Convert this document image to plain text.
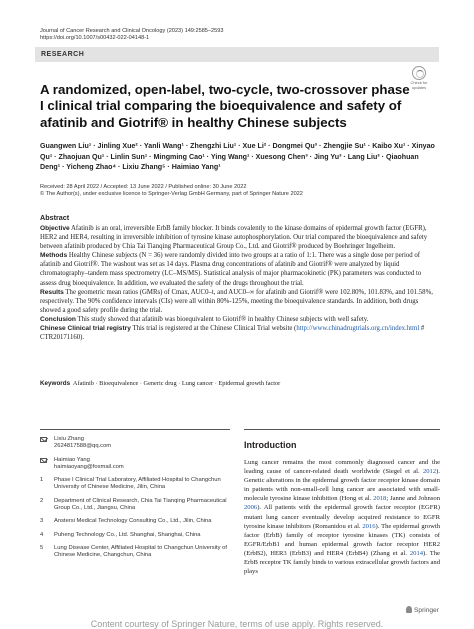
Journal of Cancer Research and Clinical Oncology (2023) 149:2585–2593
https://doi.org/10.1007/s00432-022-04148-1
RESEARCH
Check for updates
A randomized, open-label, two-cycle, two-crossover phase I clinical trial comparing the bioequivalence and safety of afatinib and Giotrif® in healthy Chinese subjects
Guangwen Liu¹ · Jinling Xue² · Yanli Wang¹ · Zhengzhi Liu¹ · Xue Li² · Dongmei Qu³ · Zhengjie Su¹ · Kaibo Xu¹ · Xinyao Qu¹ · Zhaojuan Qu¹ · Linlin Sun¹ · Mingming Cao¹ · Ying Wang¹ · Xuesong Chen³ · Jing Yu³ · Lang Liu³ · Qiaohuan Deng¹ · Yicheng Zhao⁴ · Lixiu Zhang⁵ · Haimiao Yang¹
Received: 28 April 2022 / Accepted: 13 June 2022 / Published online: 30 June 2022
© The Author(s), under exclusive licence to Springer-Verlag GmbH Germany, part of Springer Nature 2022
Abstract

Objective Afatinib is an oral, irreversible ErbB family blocker. It binds covalently to the kinase domains of epidermal growth factor (EGFR), HER2 and HER4, resulting in irreversible inhibition of tyrosine kinase autophosphorylation. Our trial compared the bioequivalence and safety between afatinib produced by Chia Tai Tianqing Pharmaceutical Group Co., Ltd. and Giotrif® produced by Boehringer Ingelheim.

Methods Healthy Chinese subjects (N = 36) were randomly divided into two groups at a ratio of 1:1. There was a single dose per period of afatinib and Giotrif®. The washout was set as 14 days. Plasma drug concentrations of afatinib and Giotrif® were analyzed by liquid chromatography–tandem mass spectrometry (LC–MS/MS). Statistical analysis of major pharmacokinetic (PK) parameters was conducted to assess drug bioequivalence. In addition, we evaluated the safety of the drugs throughout the trial.

Results The geometric mean ratios (GMRs) of Cmax, AUC0–t, and AUC0–∞ for afatinib and Giotrif® were 102.80%, 101.83%, and 101.58%, respectively. The 90% confidence intervals (CIs) were all within 80%-125%, meeting the bioequivalence standards. In addition, both drugs showed a good safety profile during the trial.

Conclusion This study showed that afatinib was bioequivalent to Giotrif® in healthy Chinese subjects with well safety.

Chinese Clinical trial registry This trial is registered at the Chinese Clinical Trial website (http://www.chinadrugtrials.org.cn/index.html # CTR20171160).

Keywords Afatinib · Bioequivalence · Generic drug · Lung cancer · Epidermal growth factor
Lixiu Zhang
2624817588@qq.com
Haimiao Yang
haimiaoyang@foxmail.com
1	Phase I Clinical Trial Laboratory, Affiliated Hospital to Changchun University of Chinese Medicine, Jilin, China
2	Department of Clinical Research, Chia Tai Tianqing Pharmaceutical Group Co., Ltd., Jiangsu, China
3	Anstersi Medical Technology Consulting Co., Ltd., Jilin, China
4	Puheng Technology Co., Ltd. Shanghai, Shanghai, China
5	Lung Disease Center, Affiliated Hospital to Changchun University of Chinese Medicine, Changchun, China
Introduction

Lung cancer remains the most commonly diagnosed cancer and the leading cause of cancer-related death worldwide (Siegel et al. 2012). Genetic alterations in the epidermal growth factor receptor kinase domain in patients with non-small-cell lung cancer are associated with small-molecule tyrosine kinase inhibition (Hong et al. 2018; Janne and Johnson 2006). All patients with the epidermal growth factor receptor (EGFR) mutant lung cancer eventually develop acquired resistance to EGFR tyrosine kinase inhibitors (Romanidou et al. 2016). The epidermal growth factor (ErbB) family of receptor tyrosine kinases (TK) consists of EGFR/ErbB1 and human epidermal growth factor receptor HER2 (ErbB2), HER3 (ErbB3) and HER4 (ErbB4) (Zhang et al. 2014). The ErbB receptor TK family binds to various extracellular growth factors and plays

Springer
Content courtesy of Springer Nature, terms of use apply. Rights reserved.
